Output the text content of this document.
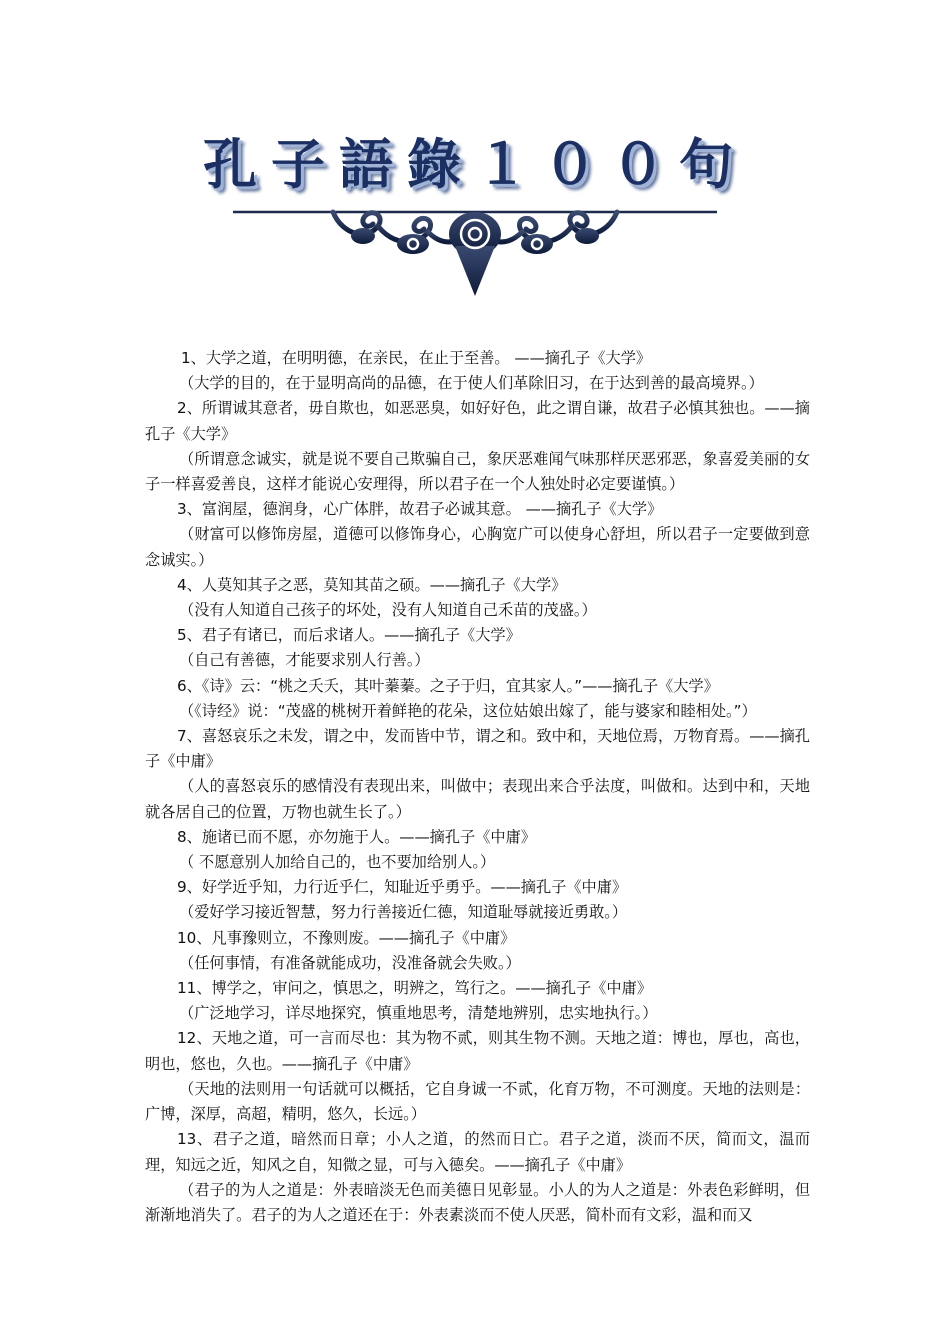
孔子語錄１００句

1、大学之道，在明明德，在亲民，在止于至善。 ——摘孔子《大学》

（大学的目的，在于显明高尚的品德，在于使人们革除旧习，在于达到善的最高境界。）

2、所谓诚其意者，毋自欺也，如恶恶臭，如好好色，此之谓自谦，故君子必慎其独也。——摘孔子《大学》

（所谓意念诚实，就是说不要自己欺骗自己，象厌恶难闻气味那样厌恶邪恶，象喜爱美丽的女子一样喜爱善良，这样才能说心安理得，所以君子在一个人独处时必定要谨慎。）

3、富润屋，德润身，心广体胖，故君子必诚其意。 ——摘孔子《大学》

（财富可以修饰房屋，道德可以修饰身心，心胸宽广可以使身心舒坦，所以君子一定要做到意念诚实。）

4、人莫知其子之恶，莫知其苗之硕。——摘孔子《大学》

（没有人知道自己孩子的坏处，没有人知道自己禾苗的茂盛。）

5、君子有诸已，而后求诸人。——摘孔子《大学》

（自己有善德，才能要求别人行善。）

6、《诗》云：“桃之夭夭，其叶蓁蓁。之子于归，宜其家人。”——摘孔子《大学》

（《诗经》说：“茂盛的桃树开着鲜艳的花朵，这位姑娘出嫁了，能与婆家和睦相处。”）

7、喜怒哀乐之未发，谓之中，发而皆中节，谓之和。致中和，天地位焉，万物育焉。——摘孔子《中庸》

（人的喜怒哀乐的感情没有表现出来，叫做中；表现出来合乎法度，叫做和。达到中和，天地就各居自己的位置，万物也就生长了。）

8、施诸已而不愿，亦勿施于人。——摘孔子《中庸》

（ 不愿意别人加给自己的，也不要加给别人。）

9、好学近乎知，力行近乎仁，知耻近乎勇乎。——摘孔子《中庸》

（爱好学习接近智慧，努力行善接近仁德，知道耻辱就接近勇敢。）

10、凡事豫则立，不豫则废。——摘孔子《中庸》

（任何事情，有准备就能成功，没准备就会失败。）

11、博学之，审问之，慎思之，明辨之，笃行之。——摘孔子《中庸》

（广泛地学习，详尽地探究，慎重地思考，清楚地辨别，忠实地执行。）

12、天地之道，可一言而尽也：其为物不贰，则其生物不测。天地之道：博也，厚也，高也，明也，悠也，久也。——摘孔子《中庸》

（天地的法则用一句话就可以概括，它自身诚一不贰，化育万物，不可测度。天地的法则是：广博，深厚，高超，精明，悠久，长远。）

13、君子之道，暗然而日章；小人之道，的然而日亡。君子之道，淡而不厌，简而文，温而理，知远之近，知风之自，知微之显，可与入德矣。——摘孔子《中庸》

（君子的为人之道是：外表暗淡无色而美德日见彰显。小人的为人之道是：外表色彩鲜明，但渐渐地消失了。君子的为人之道还在于：外表素淡而不使人厌恶，简朴而有文彩，温和而又
